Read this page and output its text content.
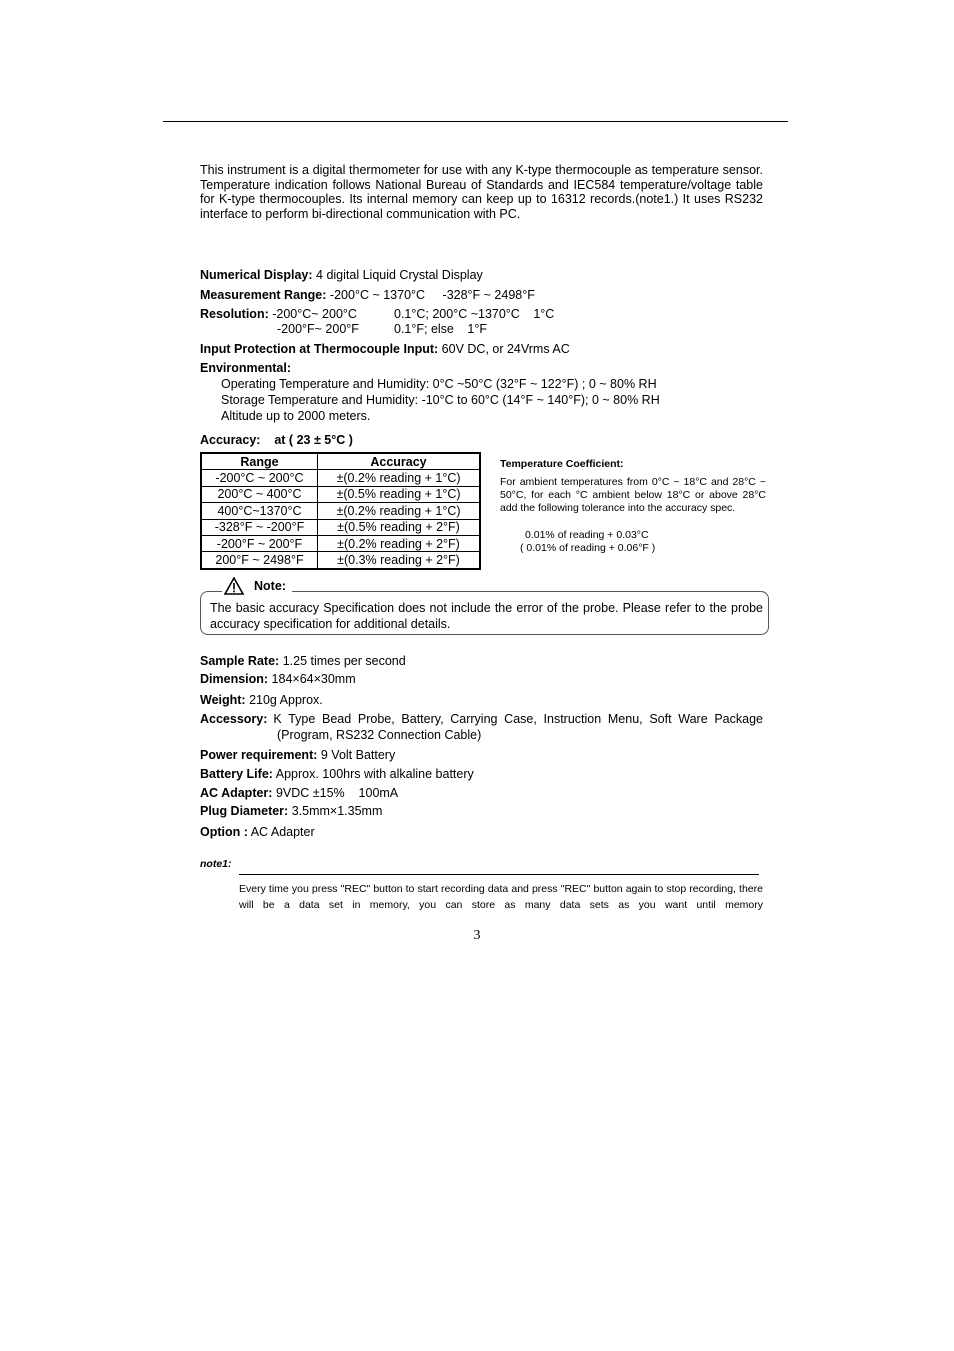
This instrument is a digital thermometer for use with any K-type thermocouple as temperature sensor. Temperature indication follows National Bureau of Standards and IEC584 temperature/voltage table for K-type thermocouples. Its internal memory can keep up to 16312 records.(note1.) It uses RS232 interface to perform bi-directional communication with PC.

Numerical Display: 4 digital Liquid Crystal Display
Measurement Range: -200°C ~ 1370°C -328°F ~ 2498°F
Resolution: -200°C~ 200°C	0.1°C; 200°C ~1370°C 1°C
-200°F~ 200°F	0.1°F; else 1°F
Input Protection at Thermocouple Input: 60V DC, or 24Vrms AC
Environmental:
Operating Temperature and Humidity: 0°C ~50°C (32°F ~ 122°F) ; 0 ~ 80% RH
Storage Temperature and Humidity: -10°C to 60°C (14°F ~ 140°F); 0 ~ 80% RH
Altitude up to 2000 meters.
Accuracy:    at ( 23 ± 5°C )
Range	Accuracy
-200°C ~ 200°C	±(0.2% reading + 1°C)
200°C ~ 400°C	±(0.5% reading + 1°C)
400°C~1370°C	±(0.2% reading + 1°C)
-328°F ~ -200°F	±(0.5% reading + 2°F)
-200°F ~ 200°F	±(0.2% reading + 2°F)
200°F ~ 2498°F	±(0.3% reading + 2°F)
Temperature Coefficient:
For ambient temperatures from 0°C ~ 18°C and 28°C ~ 50°C, for each °C ambient below 18°C or above 28°C add the following tolerance into the accuracy spec.
0.01% of reading + 0.03°C
( 0.01% of reading + 0.06°F )
Note:
The basic accuracy Specification does not include the error of the probe. Please refer to the probe accuracy specification for additional details.
Sample Rate: 1.25 times per second
Dimension: 184×64×30mm
Weight: 210g Approx.
Accessory: K Type Bead Probe, Battery, Carrying Case, Instruction Menu, Soft Ware Package
(Program, RS232 Connection Cable)
Power requirement: 9 Volt Battery
Battery Life: Approx. 100hrs with alkaline battery
AC Adapter: 9VDC ±15%    100mA
Plug Diameter: 3.5mm×1.35mm
Option : AC Adapter
note1:
Every time you press "REC" button to start recording data and press "REC" button again to stop recording, there will be a data set in memory, you can store as many data sets as you want until memory
3
